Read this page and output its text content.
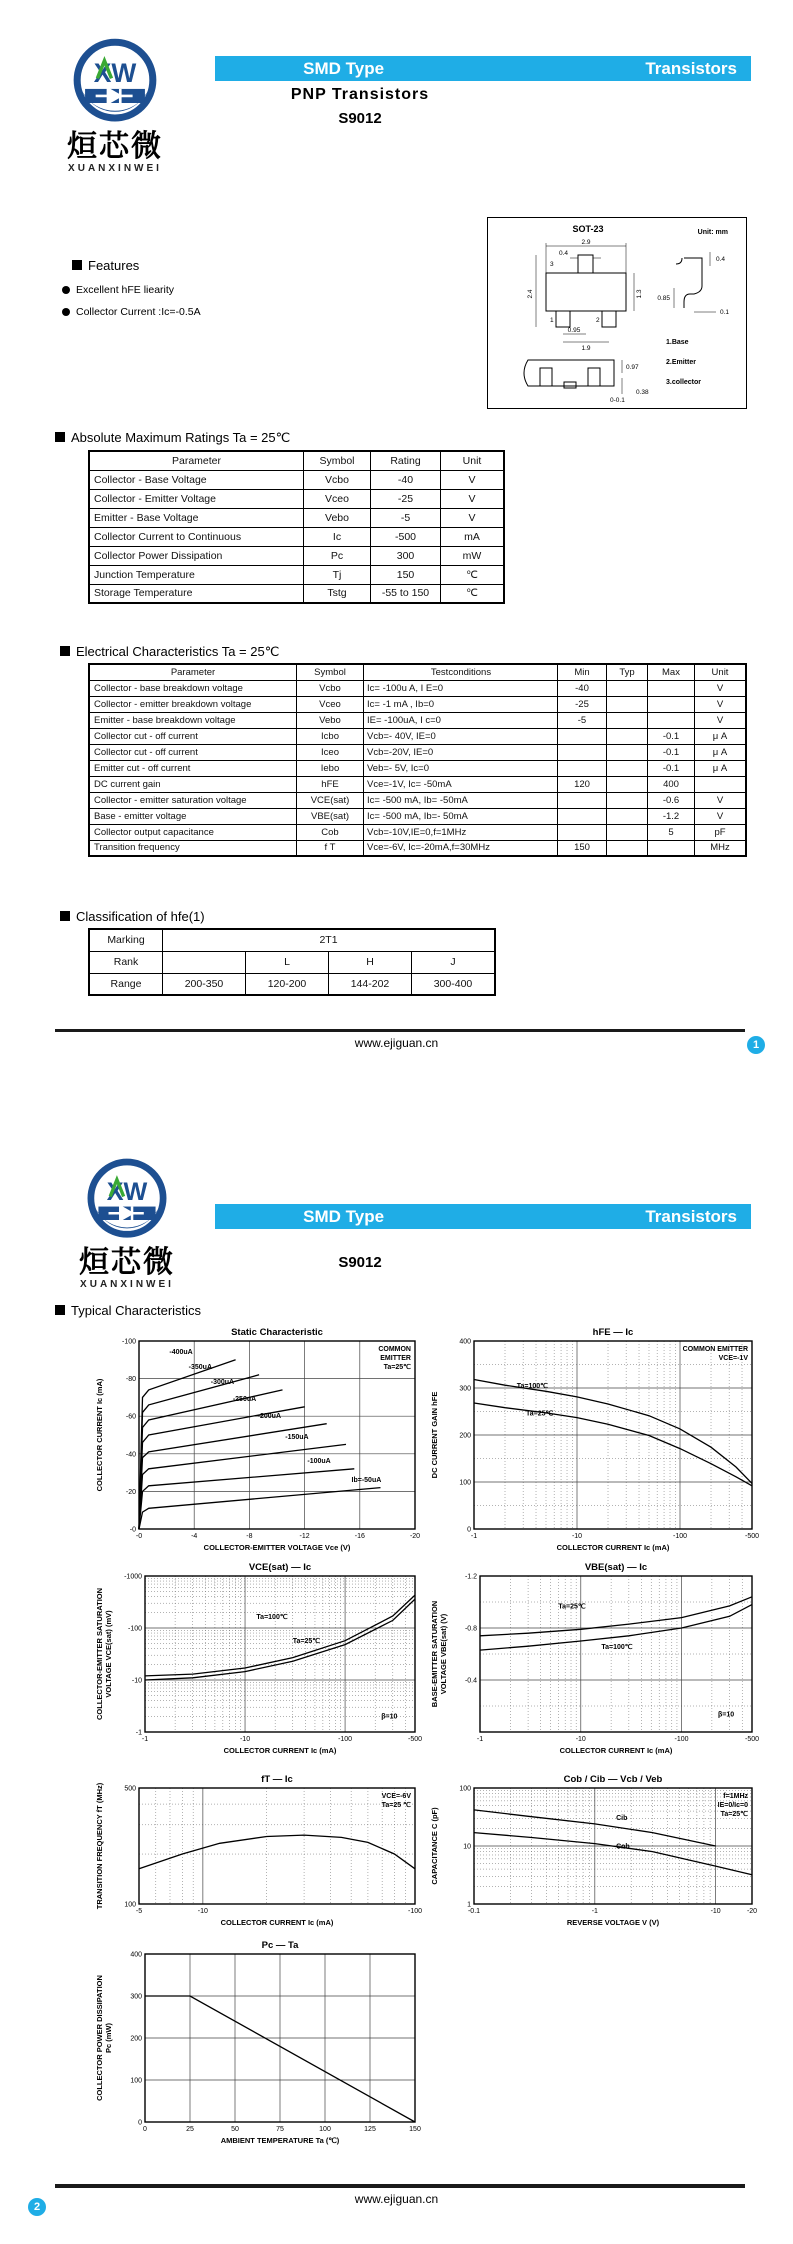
XW
烜芯微
XUANXINWEI
SMD Type	Transistors
PNP Transistors
S9012
Features
Excellent hFE liearity
Collector Current :Ic=-0.5A
SOT-23	Unit: mm
3
1	2
2.9
0.4
2.4	1.3
0.95
1.9
0.4
0.85
0.1
0.97
0-0.1
0.38
1.Base
2.Emitter
3.collector
Absolute Maximum Ratings Ta = 25℃
Parameter	Symbol	Rating	Unit
Collector - Base Voltage	Vcbo	-40	V
Collector - Emitter Voltage	Vceo	-25	V
Emitter - Base Voltage	Vebo	-5	V
Collector Current to Continuous	Ic	-500	mA
Collector Power Dissipation	Pc	300	mW
Junction Temperature	Tj	150	℃
Storage Temperature	Tstg	-55 to 150	℃
Electrical Characteristics Ta = 25℃
Parameter	Symbol	Testconditions	Min	Typ	Max	Unit
Collector - base breakdown voltage	Vcbo	Ic= -100u A, I E=0	-40			V
Collector - emitter breakdown voltage	Vceo	Ic= -1 mA , Ib=0	-25			V
Emitter - base breakdown voltage	Vebo	IE= -100uA, I c=0	-5			V
Collector cut - off current	Icbo	Vcb=- 40V, IE=0			-0.1	μ A
Collector cut - off current	Iceo	Vcb=-20V, IE=0			-0.1	μ A
Emitter cut - off current	Iebo	Veb=- 5V, Ic=0			-0.1	μ A
DC current gain	hFE	Vce=-1V, Ic= -50mA	120		400	
Collector - emitter saturation voltage	VCE(sat)	Ic= -500 mA, Ib= -50mA			-0.6	V
Base - emitter voltage	VBE(sat)	Ic= -500 mA, Ib=- 50mA			-1.2	V
Collector output capacitance	Cob	Vcb=-10V,IE=0,f=1MHz			5	pF
Transition frequency	f T	Vce=-6V, Ic=-20mA,f=30MHz	150			MHz
Classification of hfe(1)
Marking	2T1			
Rank		L	H	J
Range	200-350	120-200	144-202	300-400
www.ejiguan.cn	1
XW
烜芯微
XUANXINWEI
SMD Type	Transistors
S9012
Typical Characteristics
-0	-4	-8	-12	-16	-20
-0
-20
-40
-60
-80
-100
-400uA
-350uA
-300uA
-250uA
-200uA
-150uA
-100uA
Ib=-50uA
COMMON
EMITTER
Ta=25℃
COLLECTOR-EMITTER VOLTAGE Vce (V)
COLLECTOR CURRENT Ic (mA)
Static Characteristic
-1	-10	-100	-500
0
100
200
300
400
Ta=100℃
Ta=25℃
COMMON EMITTER
VCE=-1V
COLLECTOR CURRENT Ic (mA)
DC CURRENT GAIN hFE
hFE — Ic
-1	-10	-100	-500
-1
-10
-100
-1000
Ta=100℃
Ta=25℃
β=10
COLLECTOR CURRENT Ic (mA)
COLLECTOR-EMITTER SATURATION VOLTAGE VCE(sat) (mV)
VCE(sat) — Ic
-1	-10	-100	-500
-0.4
-0.8
-1.2
Ta=25℃
Ta=100℃
β=10
COLLECTOR CURRENT Ic (mA)
BASE-EMITTER SATURATION VOLTAGE VBE(sat) (V)
VBE(sat) — Ic
-5	-10	-100
100
500
VCE=-6V
Ta=25 ℃
COLLECTOR CURRENT Ic (mA)
TRANSITION FREQUENCY fT (MHz)
fT — Ic
-0.1	-1	-10	-20
1
10
100
Cib
Cob
f=1MHz
IE=0/Ic=0
Ta=25℃
REVERSE VOLTAGE V (V)
CAPACITANCE C (pF)
Cob / Cib — Vcb / Veb
0	25	50	75	100	125	150
0
100
200
300
400
AMBIENT TEMPERATURE Ta (℃)
COLLECTOR POWER DISSIPATION Pc (mW)
Pc — Ta
www.ejiguan.cn
2
